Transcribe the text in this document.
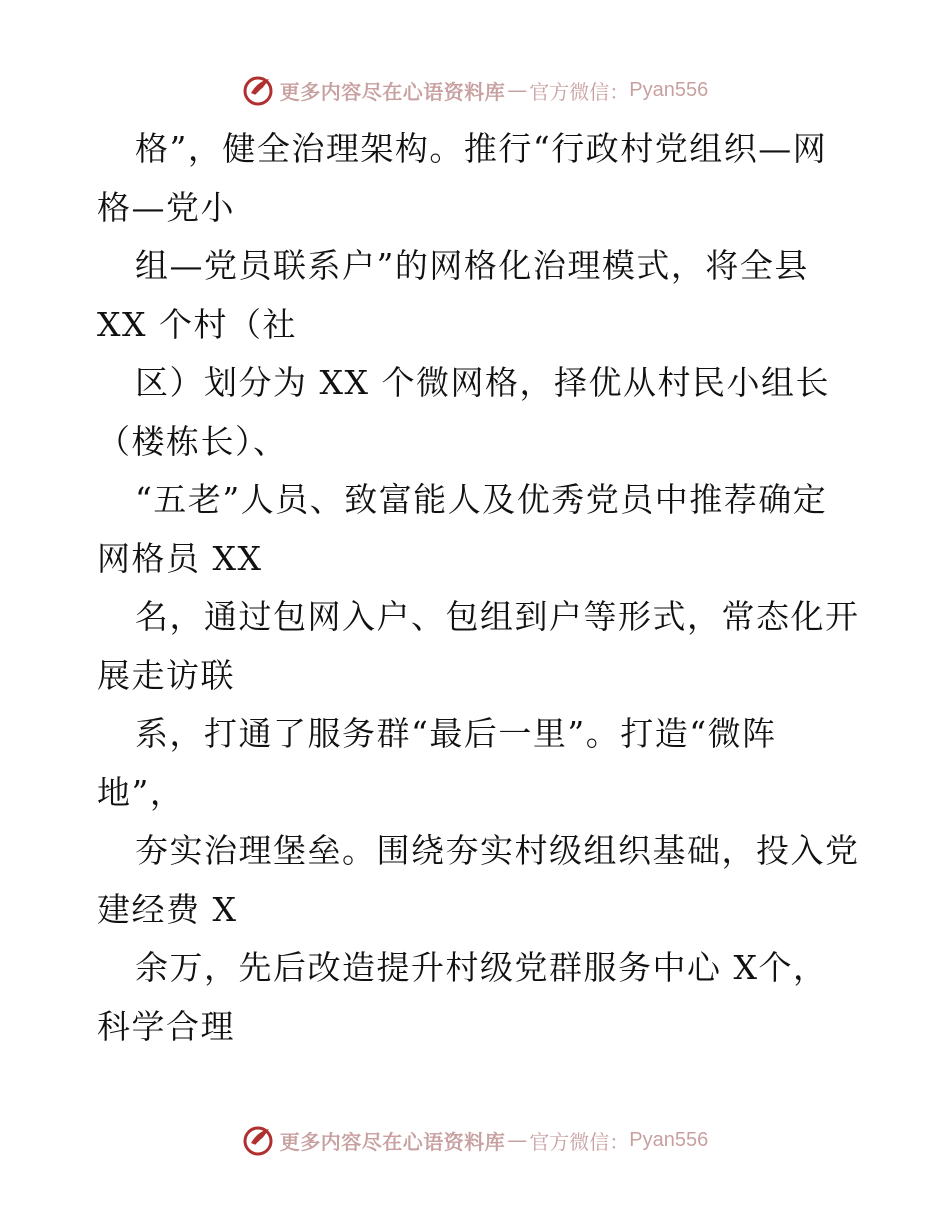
更多内容尽在心语资料库 — 官方微信： Pyan556
格”，健全治理架构。推行“行政村党组织—网
格—党小
组—党员联系户”的网格化治理模式，将全县
XX 个村（社
区）划分为 XX 个微网格，择优从村民小组长
（楼栋长）、
“五老”人员、致富能人及优秀党员中推荐确定
网格员 XX
名，通过包网入户、包组到户等形式，常态化开
展走访联
系，打通了服务群“最后一里”。打造“微阵
地”，
夯实治理堡垒。围绕夯实村级组织基础，投入党
建经费 X
余万，先后改造提升村级党群服务中心 X个，
科学合理
更多内容尽在心语资料库 — 官方微信： Pyan556
